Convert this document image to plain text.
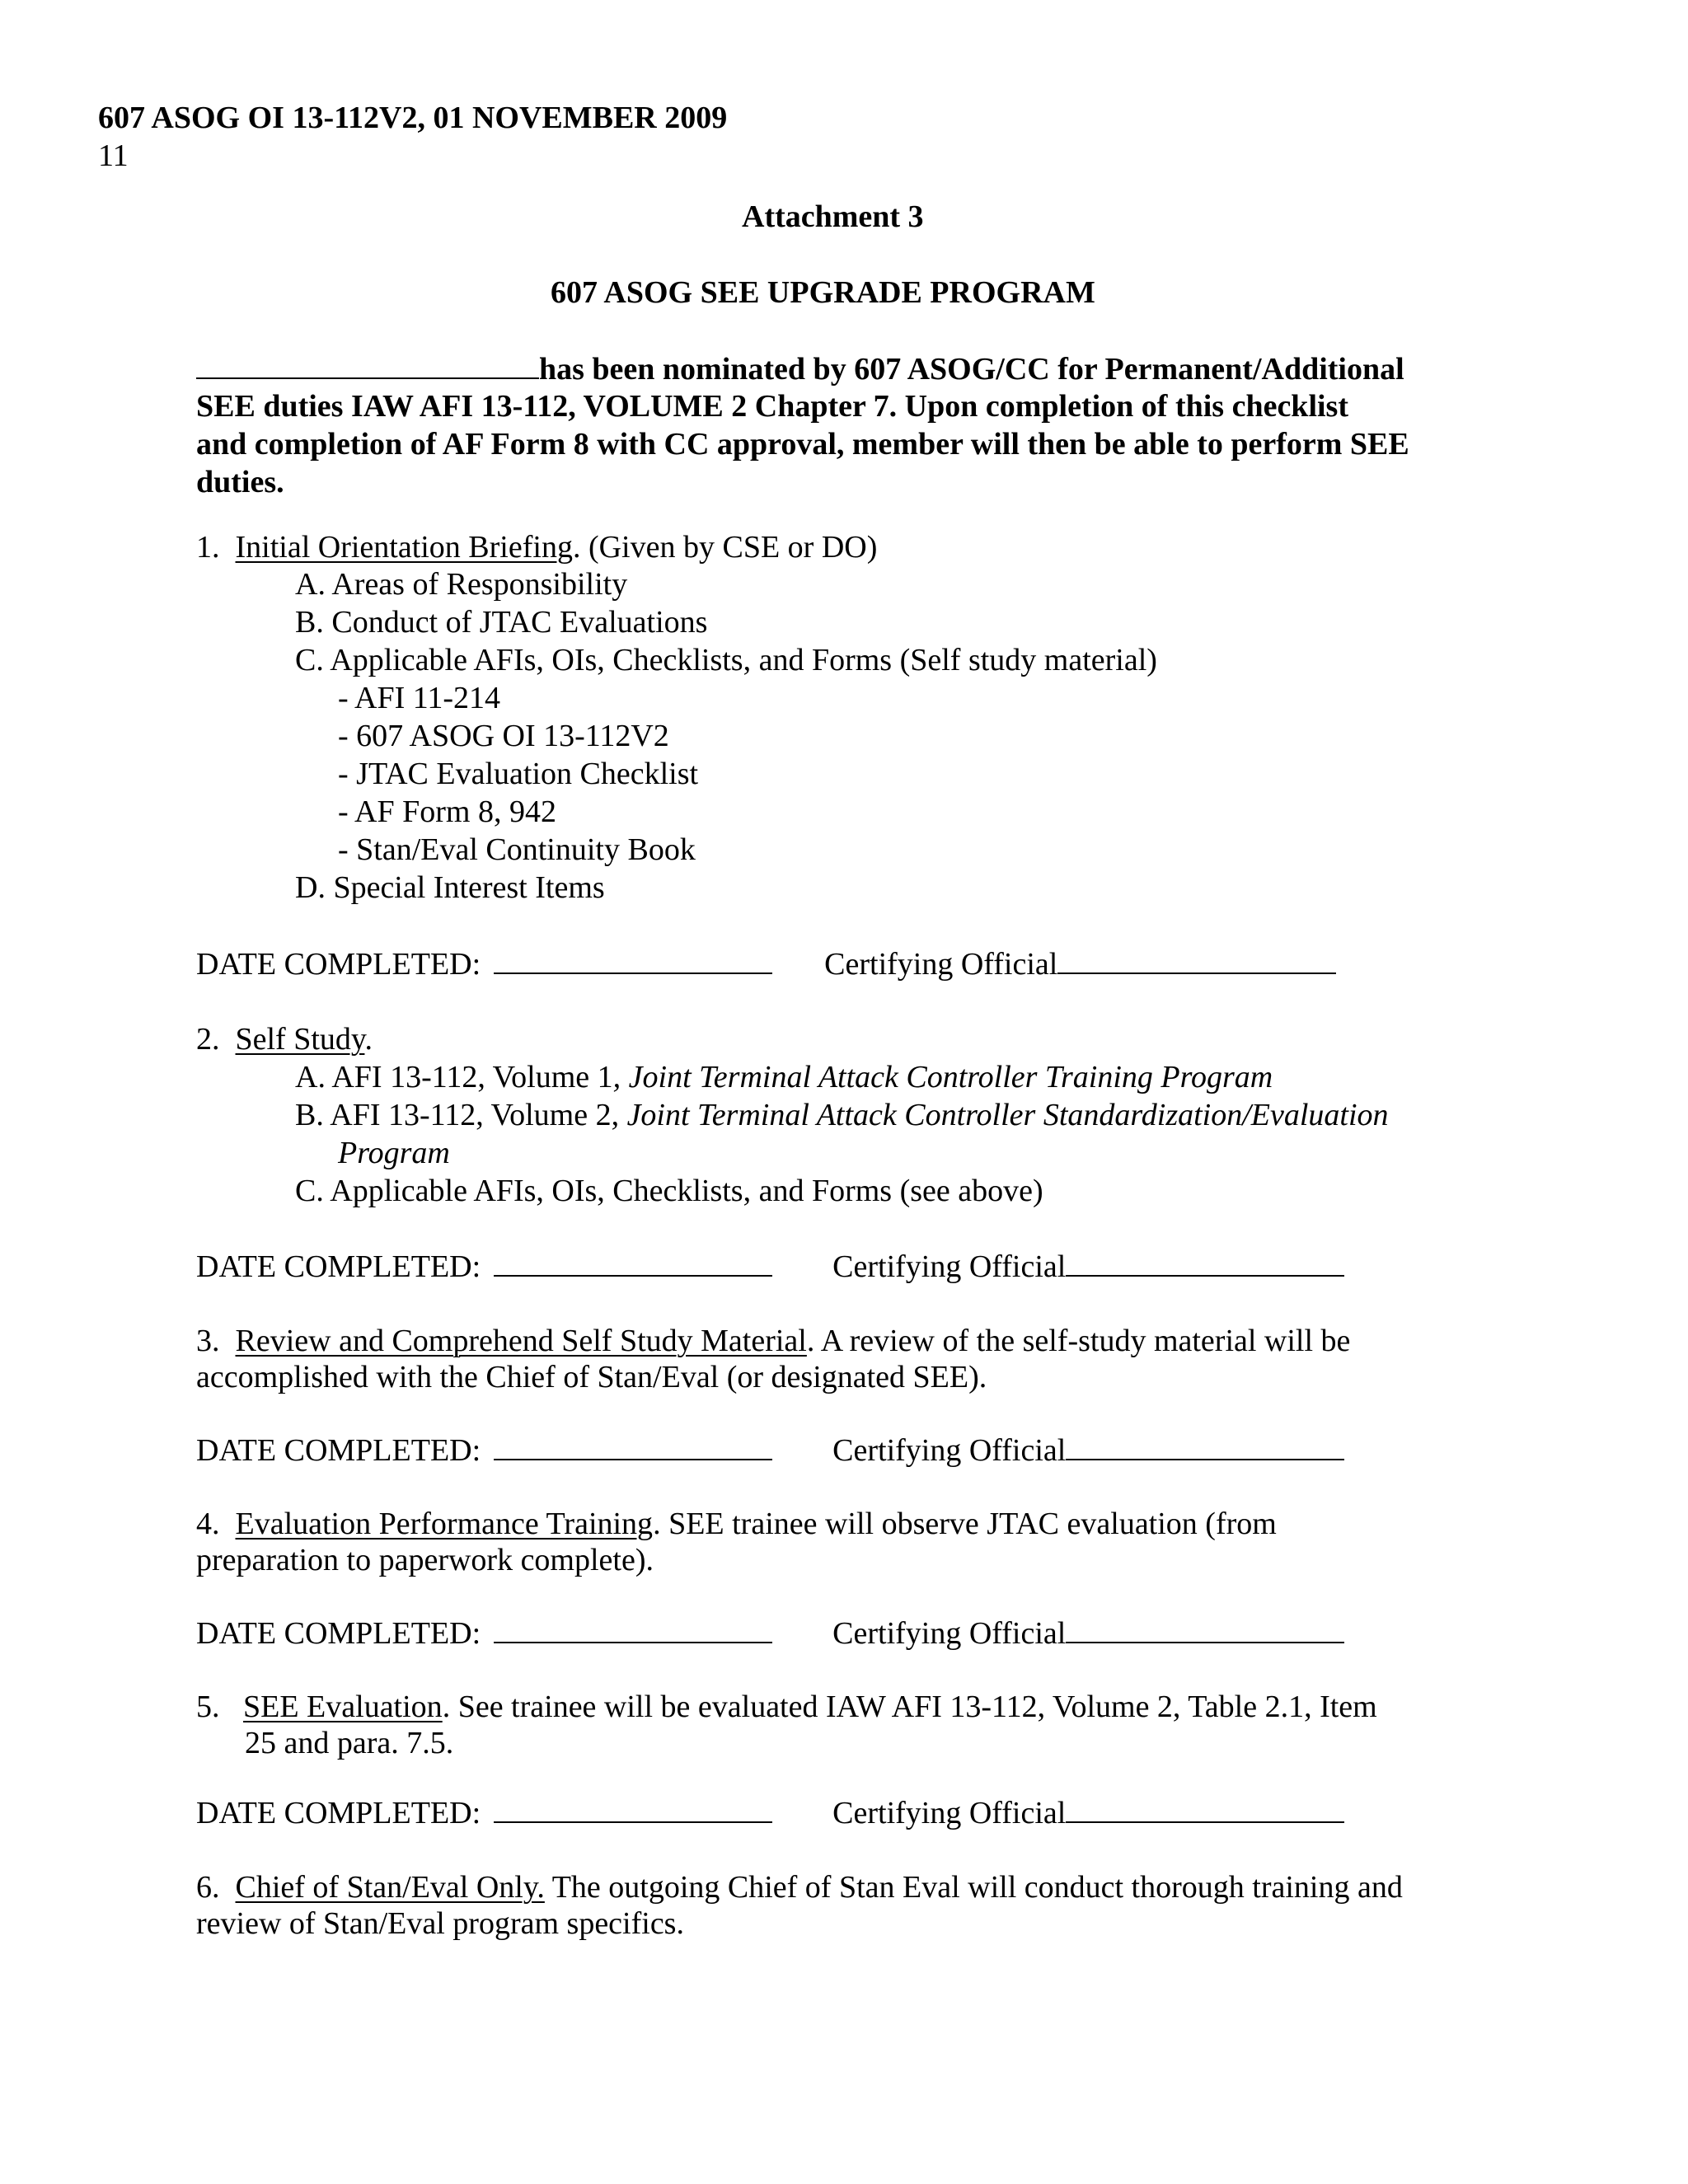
607 ASOG OI 13-112V2, 01 NOVEMBER 2009
11
Attachment 3
607 ASOG SEE UPGRADE PROGRAM
has been nominated by 607 ASOG/CC for Permanent/Additional
SEE duties IAW AFI 13-112, VOLUME 2 Chapter 7. Upon completion of this checklist
and completion of AF Form 8 with CC approval, member will then be able to perform SEE
duties.
1. Initial Orientation Briefing. (Given by CSE or DO)
A. Areas of Responsibility
B. Conduct of JTAC Evaluations
C. Applicable AFIs, OIs, Checklists, and Forms (Self study material)
- AFI 11-214
- 607 ASOG OI 13-112V2
- JTAC Evaluation Checklist
- AF Form 8, 942
- Stan/Eval Continuity Book
D. Special Interest Items
DATE COMPLETED:	Certifying Official
2. Self Study.
A. AFI 13-112, Volume 1, Joint Terminal Attack Controller Training Program
B. AFI 13-112, Volume 2, Joint Terminal Attack Controller Standardization/Evaluation
Program
C. Applicable AFIs, OIs, Checklists, and Forms (see above)
DATE COMPLETED:	Certifying Official
3. Review and Comprehend Self Study Material. A review of the self-study material will be
accomplished with the Chief of Stan/Eval (or designated SEE).
DATE COMPLETED:	Certifying Official
4. Evaluation Performance Training. SEE trainee will observe JTAC evaluation (from
preparation to paperwork complete).
DATE COMPLETED:	Certifying Official
5. SEE Evaluation. See trainee will be evaluated IAW AFI 13-112, Volume 2, Table 2.1, Item
25 and para. 7.5.
DATE COMPLETED:	Certifying Official
6. Chief of Stan/Eval Only. The outgoing Chief of Stan Eval will conduct thorough training and
review of Stan/Eval program specifics.
